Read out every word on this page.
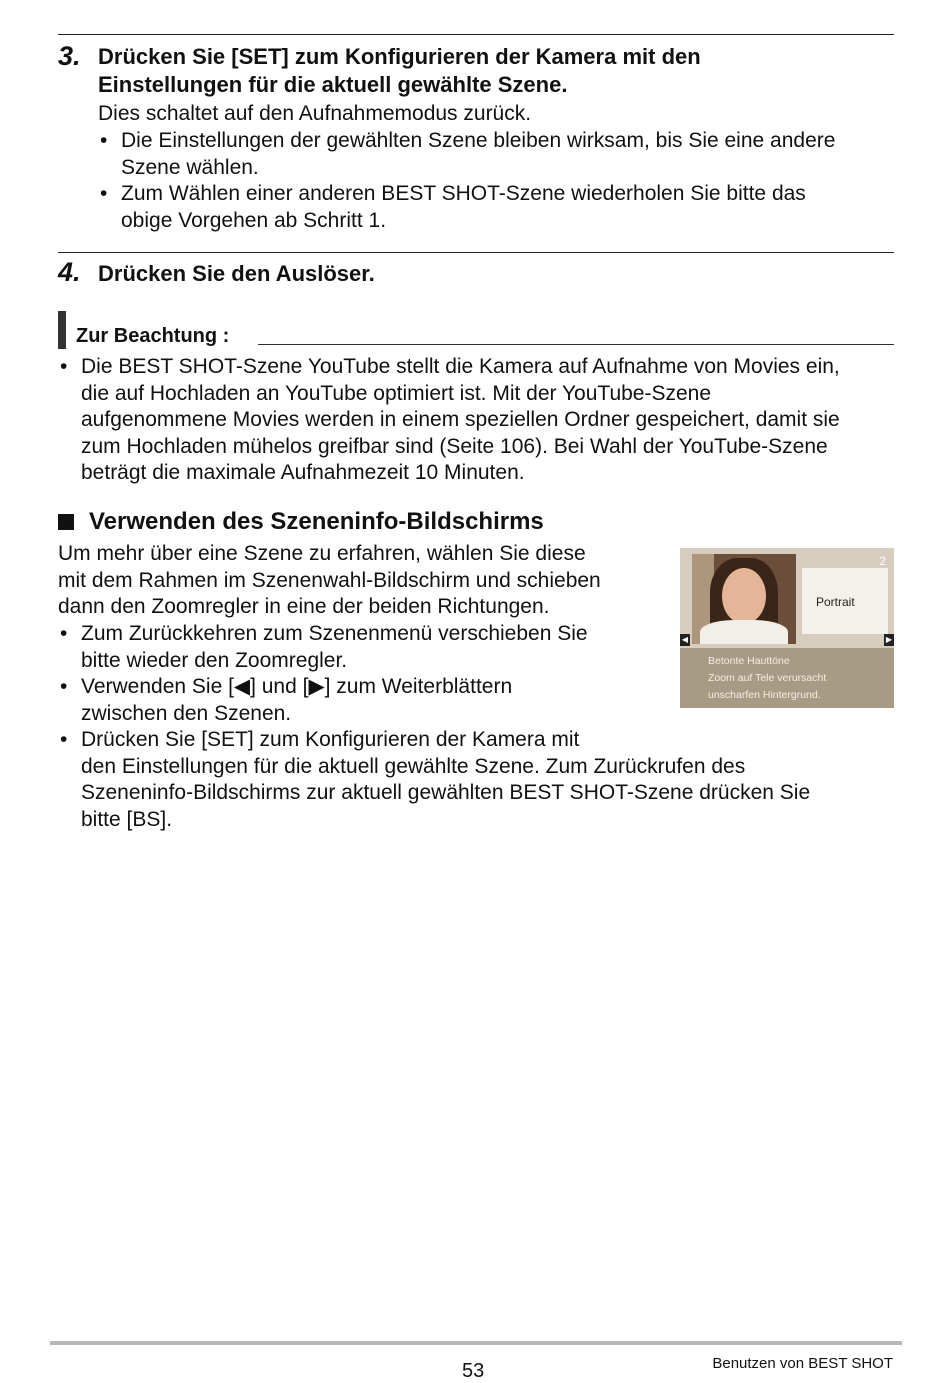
3. Drücken Sie [SET] zum Konfigurieren der Kamera mit den
Einstellungen für die aktuell gewählte Szene.
Dies schaltet auf den Aufnahmemodus zurück.
• Die Einstellungen der gewählten Szene bleiben wirksam, bis Sie eine andere
Szene wählen.
• Zum Wählen einer anderen BEST SHOT-Szene wiederholen Sie bitte das
obige Vorgehen ab Schritt 1.
4. Drücken Sie den Auslöser.
Zur Beachtung :
• Die BEST SHOT-Szene YouTube stellt die Kamera auf Aufnahme von Movies ein,
die auf Hochladen an YouTube optimiert ist. Mit der YouTube-Szene
aufgenommene Movies werden in einem speziellen Ordner gespeichert, damit sie
zum Hochladen mühelos greifbar sind (Seite 106). Bei Wahl der YouTube-Szene
beträgt die maximale Aufnahmezeit 10 Minuten.
Verwenden des Szeneninfo-Bildschirms
Um mehr über eine Szene zu erfahren, wählen Sie diese
mit dem Rahmen im Szenenwahl-Bildschirm und schieben
dann den Zoomregler in eine der beiden Richtungen.
• Zum Zurückkehren zum Szenenmenü verschieben Sie
bitte wieder den Zoomregler.
• Verwenden Sie [◀] und [▶] zum Weiterblättern
zwischen den Szenen.
• Drücken Sie [SET] zum Konfigurieren der Kamera mit
den Einstellungen für die aktuell gewählte Szene. Zum Zurückrufen des
Szeneninfo-Bildschirms zur aktuell gewählten BEST SHOT-Szene drücken Sie
bitte [BS].
2
Portrait
◀	▶
Betonte Hauttöne
Zoom auf Tele verursacht
unscharfen Hintergrund.
53	Benutzen von BEST SHOT
